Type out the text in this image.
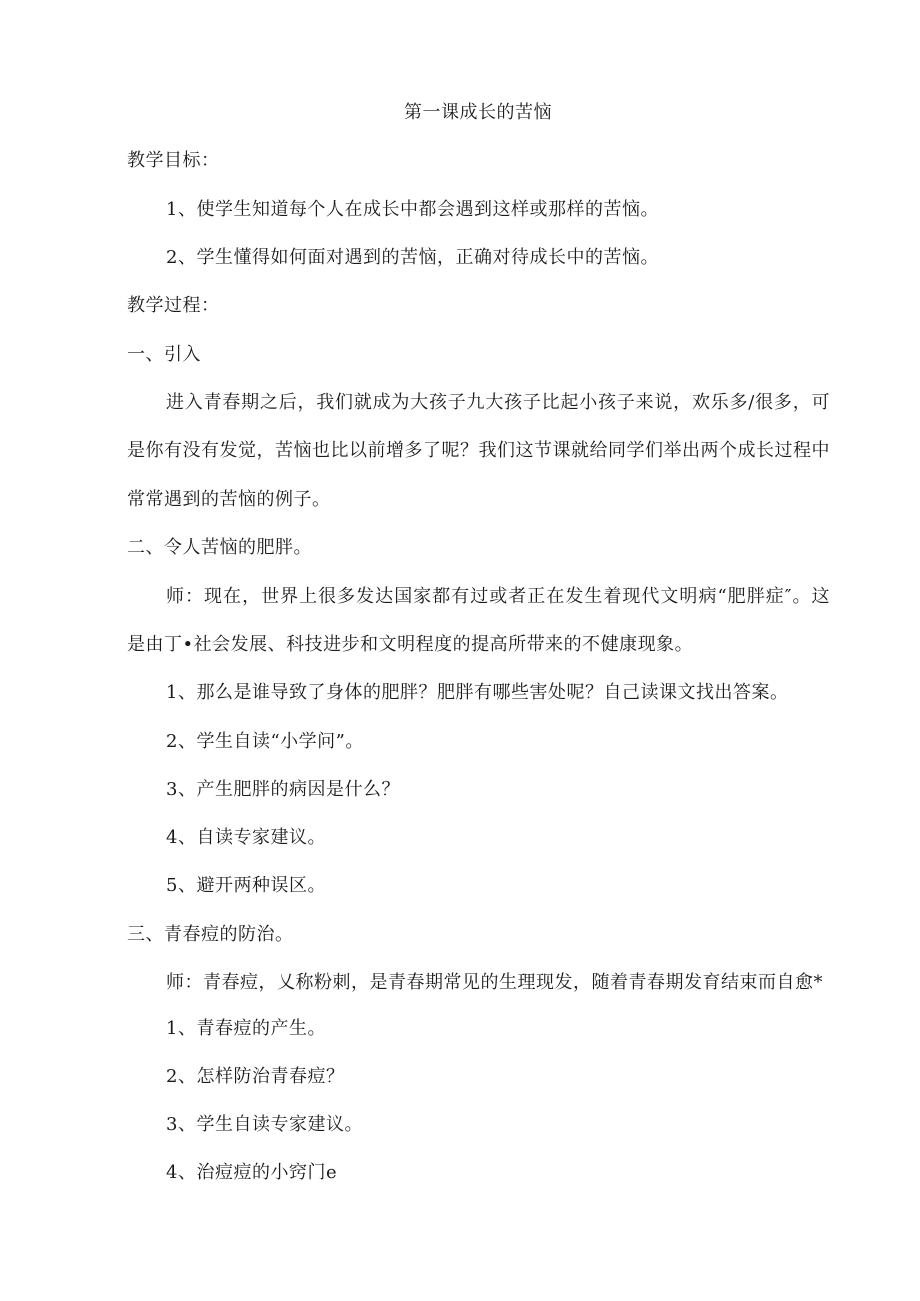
第一课成长的苦恼
教学目标：
1、使学生知道每个人在成长中都会遇到这样或那样的苦恼。
2、学生懂得如何面对遇到的苦恼，正确对待成长中的苦恼。
教学过程：
一、引入
进入青春期之后，我们就成为大孩子九大孩子比起小孩子来说，欢乐多/很多，可
是你有没有发觉，苦恼也比以前增多了呢？我们这节课就给同学们举出两个成长过程中
常常遇到的苦恼的例子。
二、令人苦恼的肥胖。
师：现在，世界上很多发达国家都有过或者正在发生着现代文明病“肥胖症″。这
是由丁•社会发展、科技进步和文明程度的提高所带来的不健康现象。
1、那么是谁导致了身体的肥胖？肥胖有哪些害处呢？自己读课文找出答案。
2、学生自读“小学问”。
3、产生肥胖的病因是什么？
4、自读专家建议。
5、避开两种误区。
三、青春痘的防治。
师：青春痘，乂称粉刺，是青春期常见的生理现发，随着青春期发育结束而自愈*
1、青春痘的产生。
2、怎样防治青春痘？
3、学生自读专家建议。
4、治痘痘的小窍门e
